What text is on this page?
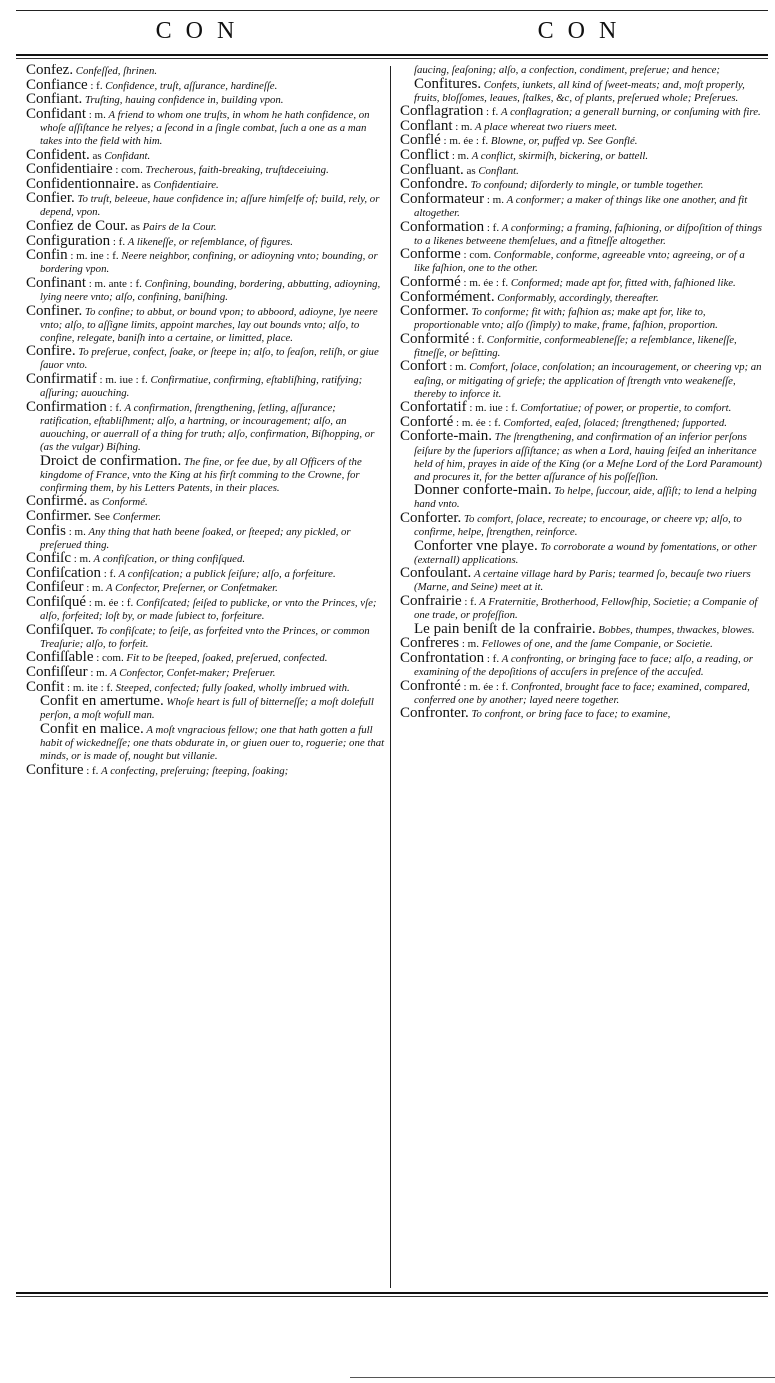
CON	CON
Confez. Confeſſed, ſhrinen.
Confiance : f. Confidence, truſt, aſſurance, hardineſſe.
Confiant. Truſting, hauing confidence in, building vpon.
Confidant : m. A friend to whom one truſts, in whom he hath confidence, on whoſe aſſiſtance he relyes; a ſecond in a ſingle combat, ſuch a one as a man takes into the field with him.
Confident. as Confidant.
Confidentiaire : com. Trecherous, faith-breaking, truſtdeceiuing.
Confidentionnaire. as Confidentiaire.
Confier. To truſt, beleeue, haue confidence in; aſſure himſelfe of; build, rely, or depend, vpon.
Confiez de Cour. as Pairs de la Cour.
Configuration : f. A likeneſſe, or reſemblance, of figures.
Confin : m. ine : f. Neere neighbor, confining, or adioyning vnto; bounding, or bordering vpon.
Confinant : m. ante : f. Confining, bounding, bordering, abbutting, adioyning, lying neere vnto; alſo, confining, baniſhing.
Confiner. To confine; to abbut, or bound vpon; to abboord, adioyne, lye neere vnto; alſo, to aſſigne limits, appoint marches, lay out bounds vnto; alſo, to confine, relegate, baniſh into a certaine, or limitted, place.
Confire. To preſerue, confect, ſoake, or ſteepe in; alſo, to ſeaſon, reliſh, or giue ſauor vnto.
Confirmatif : m. iue : f. Confirmatiue, confirming, eſtabliſhing, ratifying; aſſuring; auouching.
Confirmation : f. A confirmation, ſtrengthening, ſetling, aſſurance; ratification, eſtabliſhment; alſo, a hartning, or incouragement; alſo, an auouching, or auerrall of a thing for truth; alſo, confirmation, Biſhopping, or (as the vulgar) Biſhing.
Droict de confirmation. The fine, or fee due, by all Officers of the kingdome of France, vnto the King at his firſt comming to the Crowne, for confirming them, by his Letters Patents, in their places.
Confirmé. as Conformé.
Confirmer. See Confermer.
Confis : m. Any thing that hath beene ſoaked, or ſteeped; any pickled, or preſerued thing.
Confiſc : m. A confiſcation, or thing confiſqued.
Confiſcation : f. A confiſcation; a publick ſeiſure; alſo, a forfeiture.
Confiſeur : m. A Confector, Preſerner, or Confetmaker.
Confiſqué : m. ée : f. Confiſcated; ſeiſed to publicke, or vnto the Princes, vſe; alſo, forfeited; loſt by, or made ſubiect to, forfeiture.
Confiſquer. To confiſcate; to ſeiſe, as forfeited vnto the Princes, or common Treaſurie; alſo, to forfeit.
Confiſſable : com. Fit to be ſteeped, ſoaked, preſerued, confected.
Confiſſeur : m. A Confector, Confet-maker; Preſeruer.
Confit : m. ite : f. Steeped, confected; fully ſoaked, wholly imbrued with.
Confit en amertume. Whoſe heart is full of bitterneſſe; a moſt dolefull perſon, a moſt wofull man.
Confit en malice. A moſt vngracious fellow; one that hath gotten a full habit of wickedneſſe; one thats obdurate in, or giuen ouer to, roguerie; one that minds, or is made of, nought but villanie.
Confiture : f. A confecting, preſeruing; ſteeping, ſoaking;
ſaucing, ſeaſoning; alſo, a confection, condiment, preſerue; and hence;
Confitures. Confets, iunkets, all kind of ſweet-meats; and, moſt properly, fruits, bloſſomes, leaues, ſtalkes, &c, of plants, preſerued whole; Preſerues.
Conflagration : f. A conflagration; a generall burning, or conſuming with fire.
Conflant : m. A place whereat two riuers meet.
Conflé : m. ée : f. Blowne, or, puffed vp. See Gonflé.
Conflict : m. A conflict, skirmiſh, bickering, or battell.
Confluant. as Conflant.
Confondre. To confound; diſorderly to mingle, or tumble together.
Conformateur : m. A conformer; a maker of things like one another, and fit altogether.
Conformation : f. A conforming; a framing, faſhioning, or diſpoſition of things to a likenes betweene themſelues, and a fitneſſe altogether.
Conforme : com. Conformable, conforme, agreeable vnto; agreeing, or of a like faſhion, one to the other.
Conformé : m. ée : f. Conformed; made apt for, fitted with, faſhioned like.
Conformément. Conformably, accordingly, thereafter.
Conformer. To conforme; fit with; faſhion as; make apt for, like to, proportionable vnto; alſo (ſimply) to make, frame, faſhion, proportion.
Conformité : f. Conformitie, conformeableneſſe; a reſemblance, likeneſſe, fitneſſe, or beſitting.
Confort : m. Comfort, ſolace, conſolation; an incouragement, or cheering vp; an eaſing, or mitigating of griefe; the application of ſtrength vnto weakeneſſe, thereby to inforce it.
Confortatif : m. iue : f. Comfortatiue; of power, or propertie, to comfort.
Conforté : m. ée : f. Comforted, eaſed, ſolaced; ſtrengthened; ſupported.
Conforte-main. The ſtrengthening, and confirmation of an inferior perſons ſeiſure by the ſuperiors aſſiſtance; as when a Lord, hauing ſeiſed an inheritance held of him, prayes in aide of the King (or a Meſne Lord of the Lord Paramount) and procures it, for the better aſſurance of his poſſeſſion.
Donner conforte-main. To helpe, ſuccour, aide, aſſiſt; to lend a helping hand vnto.
Conforter. To comfort, ſolace, recreate; to encourage, or cheere vp; alſo, to confirme, helpe, ſtrengthen, reinforce.
Conforter vne playe. To corroborate a wound by fomentations, or other (externall) applications.
Confoulant. A certaine village hard by Paris; tearmed ſo, becauſe two riuers (Marne, and Seine) meet at it.
Confrairie : f. A Fraternitie, Brotherhood, Fellowſhip, Societie; a Companie of one trade, or profeſſion.
Le pain beniſt de la confrairie. Bobbes, thumpes, thwackes, blowes.
Confreres : m. Fellowes of one, and the ſame Companie, or Societie.
Confrontation : f. A confronting, or bringing face to face; alſo, a reading, or examining of the depoſitions of accuſers in preſence of the accuſed.
Confronté : m. ée : f. Confronted, brought face to face; examined, compared, conferred one by another; layed neere together.
Confronter. To confront, or bring face to face; to examine,
